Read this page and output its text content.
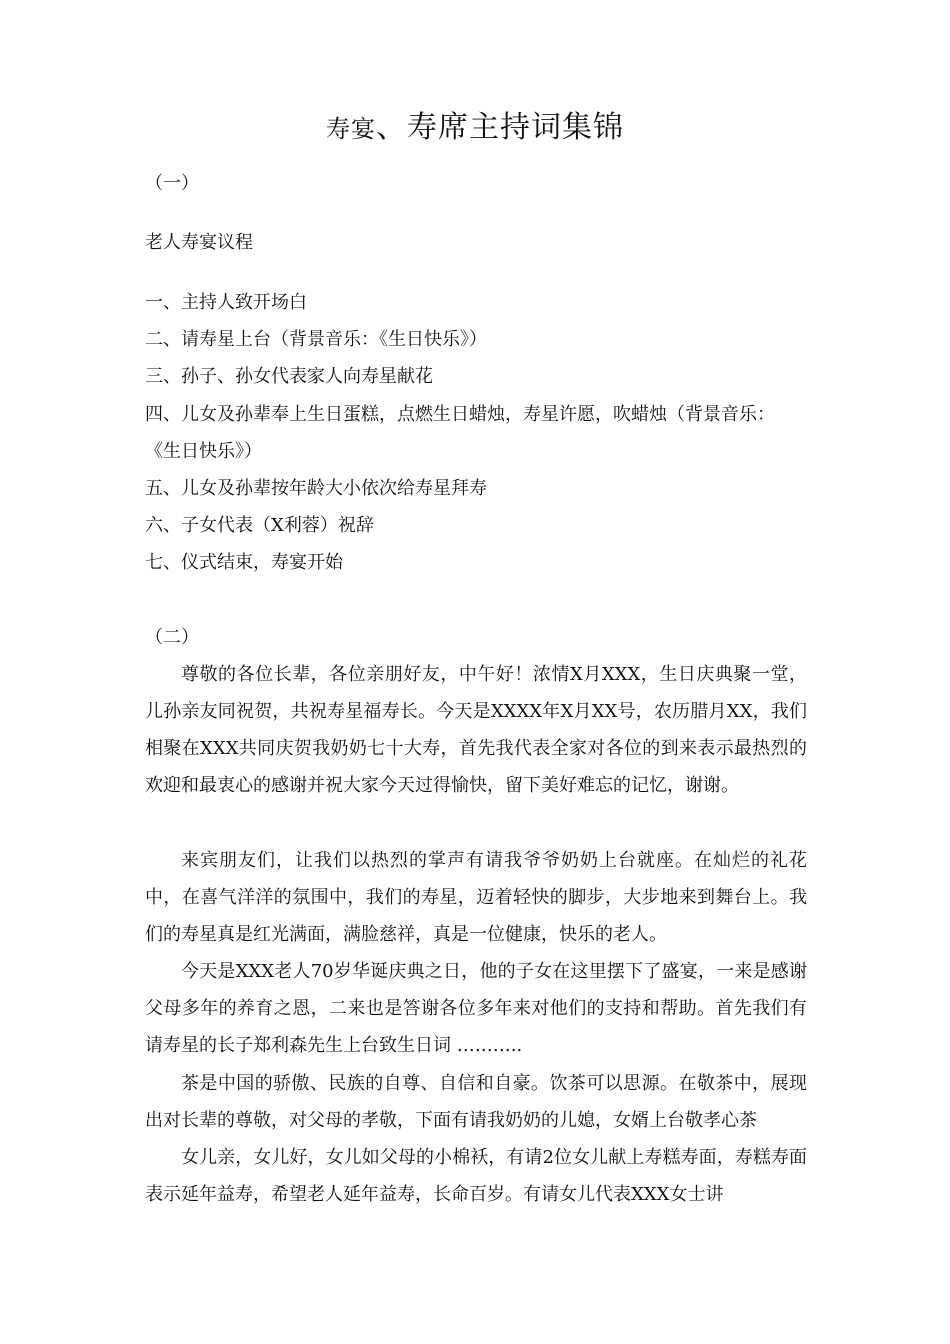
寿宴、寿席主持词集锦
（一）
老人寿宴议程
一、主持人致开场白
二、请寿星上台（背景音乐：《生日快乐》）
三、孙子、孙女代表家人向寿星献花
四、儿女及孙辈奉上生日蛋糕，点燃生日蜡烛，寿星许愿，吹蜡烛（背景音乐：
《生日快乐》）
五、儿女及孙辈按年龄大小依次给寿星拜寿
六、子女代表（X利蓉）祝辞
七、仪式结束，寿宴开始
（二）
尊敬的各位长辈，各位亲朋好友，中午好！浓情X月XXX，生日庆典聚一堂，儿孙亲友同祝贺，共祝寿星福寿长。今天是XXXX年X月XX号，农历腊月XX，我们相聚在XXX共同庆贺我奶奶七十大寿，首先我代表全家对各位的到来表示最热烈的欢迎和最衷心的感谢并祝大家今天过得愉快，留下美好难忘的记忆，谢谢。
来宾朋友们，让我们以热烈的掌声有请我爷爷奶奶上台就座。在灿烂的礼花中，在喜气洋洋的氛围中，我们的寿星，迈着轻快的脚步，大步地来到舞台上。我们的寿星真是红光满面，满脸慈祥，真是一位健康，快乐的老人。
今天是XXX老人70岁华诞庆典之日，他的子女在这里摆下了盛宴，一来是感谢父母多年的养育之恩，二来也是答谢各位多年来对他们的支持和帮助。首先我们有请寿星的长子郑利森先生上台致生日词 ………..
茶是中国的骄傲、民族的自尊、自信和自豪。饮茶可以思源。在敬茶中，展现出对长辈的尊敬，对父母的孝敬，下面有请我奶奶的儿媳，女婿上台敬孝心茶
女儿亲，女儿好，女儿如父母的小棉袄，有请2位女儿献上寿糕寿面，寿糕寿面表示延年益寿，希望老人延年益寿，长命百岁。有请女儿代表XXX女士讲
